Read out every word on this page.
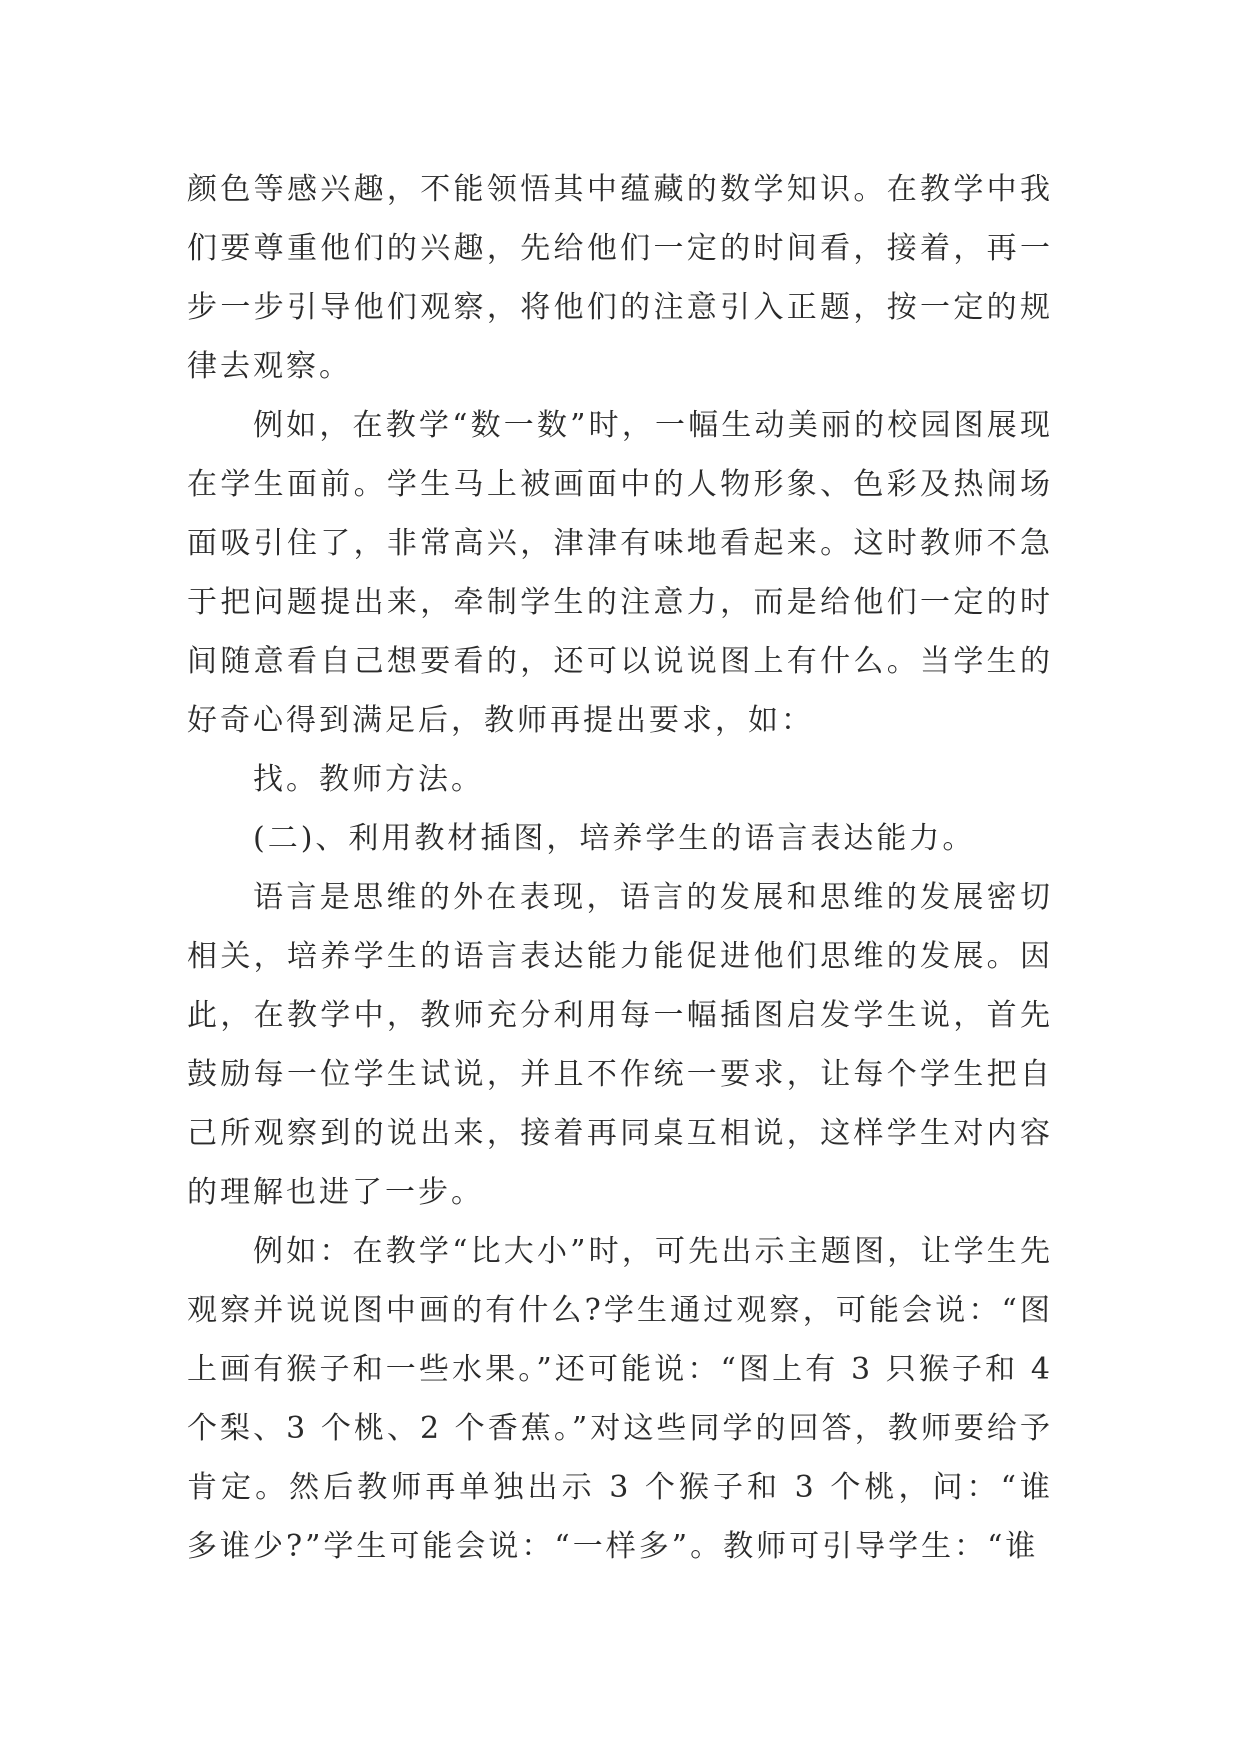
颜色等感兴趣，不能领悟其中蕴藏的数学知识。在教学中我们要尊重他们的兴趣，先给他们一定的时间看，接着，再一步一步引导他们观察，将他们的注意引入正题，按一定的规律去观察。

例如，在教学“数一数”时，一幅生动美丽的校园图展现在学生面前。学生马上被画面中的人物形象、色彩及热闹场面吸引住了，非常高兴，津津有味地看起来。这时教师不急于把问题提出来，牵制学生的注意力，而是给他们一定的时间随意看自己想要看的，还可以说说图上有什么。当学生的好奇心得到满足后，教师再提出要求，如：

找。教师方法。

(二)、利用教材插图，培养学生的语言表达能力。

语言是思维的外在表现，语言的发展和思维的发展密切相关，培养学生的语言表达能力能促进他们思维的发展。因此，在教学中，教师充分利用每一幅插图启发学生说，首先鼓励每一位学生试说，并且不作统一要求，让每个学生把自己所观察到的说出来，接着再同桌互相说，这样学生对内容的理解也进了一步。

例如：在教学“比大小”时，可先出示主题图，让学生先观察并说说图中画的有什么?学生通过观察，可能会说：“图上画有猴子和一些水果。”还可能说：“图上有 3 只猴子和 4 个梨、3 个桃、2 个香蕉。”对这些同学的回答，教师要给予肯定。然后教师再单独出示 3 个猴子和 3 个桃，问：“谁多谁少?”学生可能会说：“一样多”。教师可引导学生：“谁
